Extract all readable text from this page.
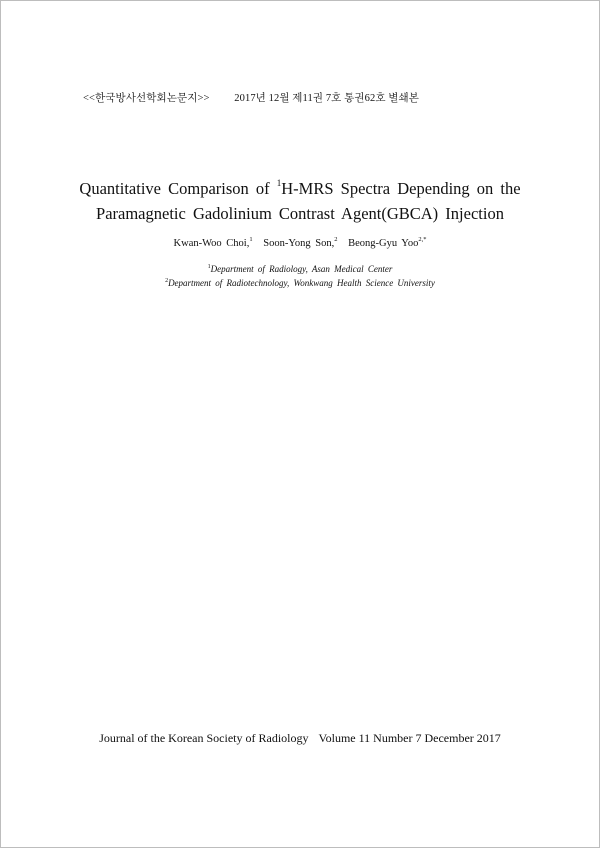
<<한국방사선학회논문지>> 2017년 12월 제11권 7호 통권62호 별쇄본
Quantitative Comparison of $^1$H-MRS Spectra Depending on the
Paramagnetic Gadolinium Contrast Agent(GBCA) Injection
Kwan-Woo Choi,$^1$ Soon-Yong Son,$^2$ Beong-Gyu Yoo$^{2,*}$
$^1$Department of Radiology, Asan Medical Center
$^2$Department of Radiotechnology, Wonkwang Health Science University
Journal of the Korean Society of Radiology Volume 11 Number 7 December 2017
